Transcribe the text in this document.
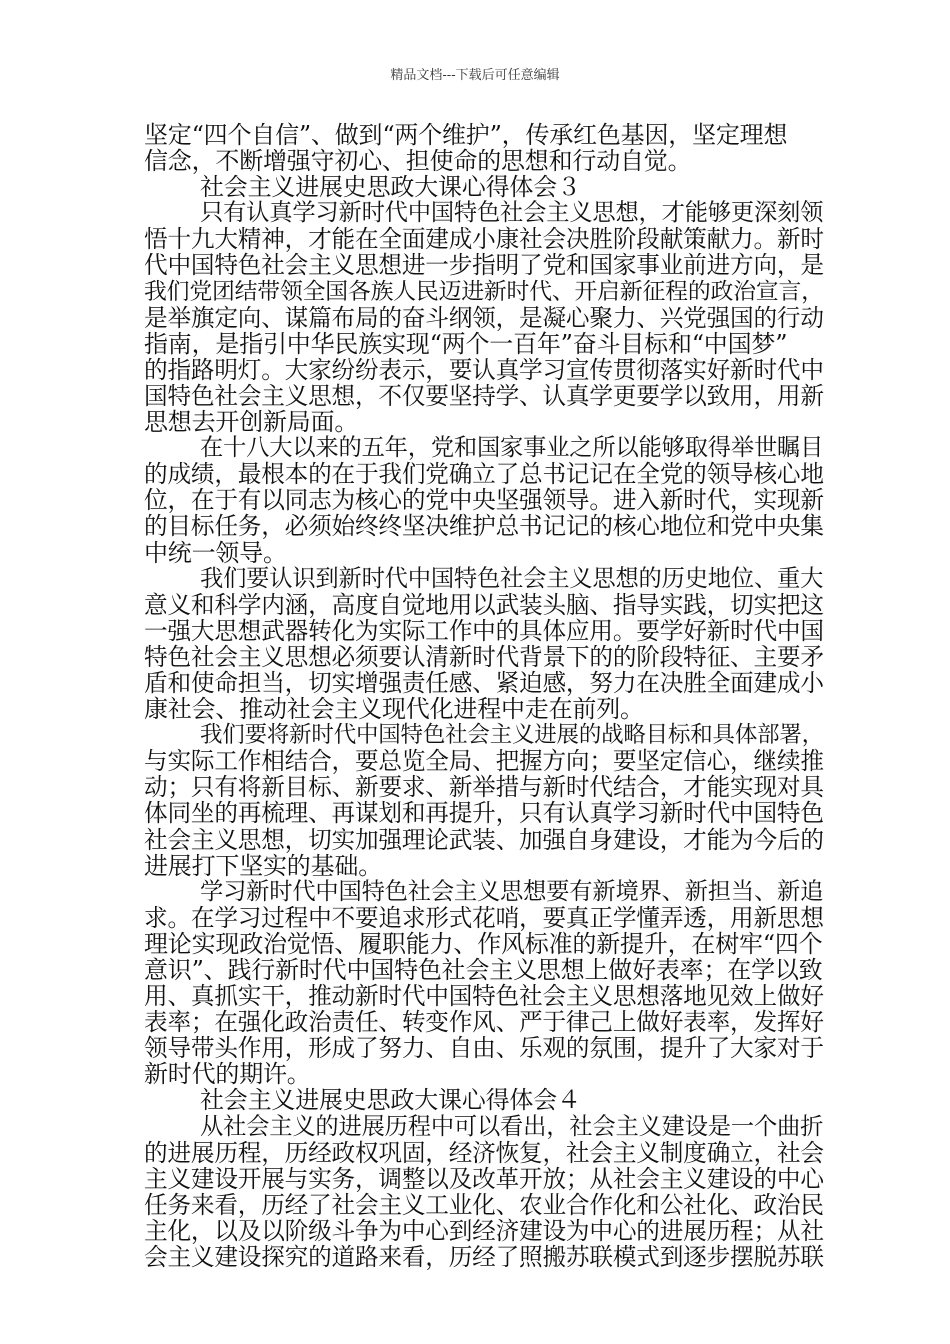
精品文档---下载后可任意编辑
坚定“四个自信”、做到“两个维护”，传承红色基因，坚定理想
信念，不断增强守初心、担使命的思想和行动自觉。
社会主义进展史思政大课心得体会３
只有认真学习新时代中国特色社会主义思想，才能够更深刻领
悟十九大精神，才能在全面建成小康社会决胜阶段献策献力。新时
代中国特色社会主义思想进一步指明了党和国家事业前进方向，是
我们党团结带领全国各族人民迈进新时代、开启新征程的政治宣言，
是举旗定向、谋篇布局的奋斗纲领，是凝心聚力、兴党强国的行动
指南，是指引中华民族实现“两个一百年”奋斗目标和“中国梦”
的指路明灯。大家纷纷表示，要认真学习宣传贯彻落实好新时代中
国特色社会主义思想，不仅要坚持学、认真学更要学以致用，用新
思想去开创新局面。
在十八大以来的五年，党和国家事业之所以能够取得举世瞩目
的成绩，最根本的在于我们党确立了总书记记在全党的领导核心地
位，在于有以同志为核心的党中央坚强领导。进入新时代，实现新
的目标任务，必须始终终坚决维护总书记记的核心地位和党中央集
中统一领导。
我们要认识到新时代中国特色社会主义思想的历史地位、重大
意义和科学内涵，高度自觉地用以武装头脑、指导实践，切实把这
一强大思想武器转化为实际工作中的具体应用。要学好新时代中国
特色社会主义思想必须要认清新时代背景下的的阶段特征、主要矛
盾和使命担当，切实增强责任感、紧迫感，努力在决胜全面建成小
康社会、推动社会主义现代化进程中走在前列。
我们要将新时代中国特色社会主义进展的战略目标和具体部署，
与实际工作相结合，要总览全局、把握方向；要坚定信心，继续推
动；只有将新目标、新要求、新举措与新时代结合，才能实现对具
体同坐的再梳理、再谋划和再提升，只有认真学习新时代中国特色
社会主义思想，切实加强理论武装、加强自身建设，才能为今后的
进展打下坚实的基础。
学习新时代中国特色社会主义思想要有新境界、新担当、新追
求。在学习过程中不要追求形式花哨，要真正学懂弄透，用新思想
理论实现政治觉悟、履职能力、作风标准的新提升，在树牢“四个
意识”、践行新时代中国特色社会主义思想上做好表率；在学以致
用、真抓实干，推动新时代中国特色社会主义思想落地见效上做好
表率；在强化政治责任、转变作风、严于律己上做好表率，发挥好
领导带头作用，形成了努力、自由、乐观的氛围，提升了大家对于
新时代的期许。
社会主义进展史思政大课心得体会４
从社会主义的进展历程中可以看出，社会主义建设是一个曲折
的进展历程，历经政权巩固，经济恢复，社会主义制度确立，社会
主义建设开展与实务，调整以及改革开放；从社会主义建设的中心
任务来看，历经了社会主义工业化、农业合作化和公社化、政治民
主化，以及以阶级斗争为中心到经济建设为中心的进展历程；从社
会主义建设探究的道路来看，历经了照搬苏联模式到逐步摆脱苏联
